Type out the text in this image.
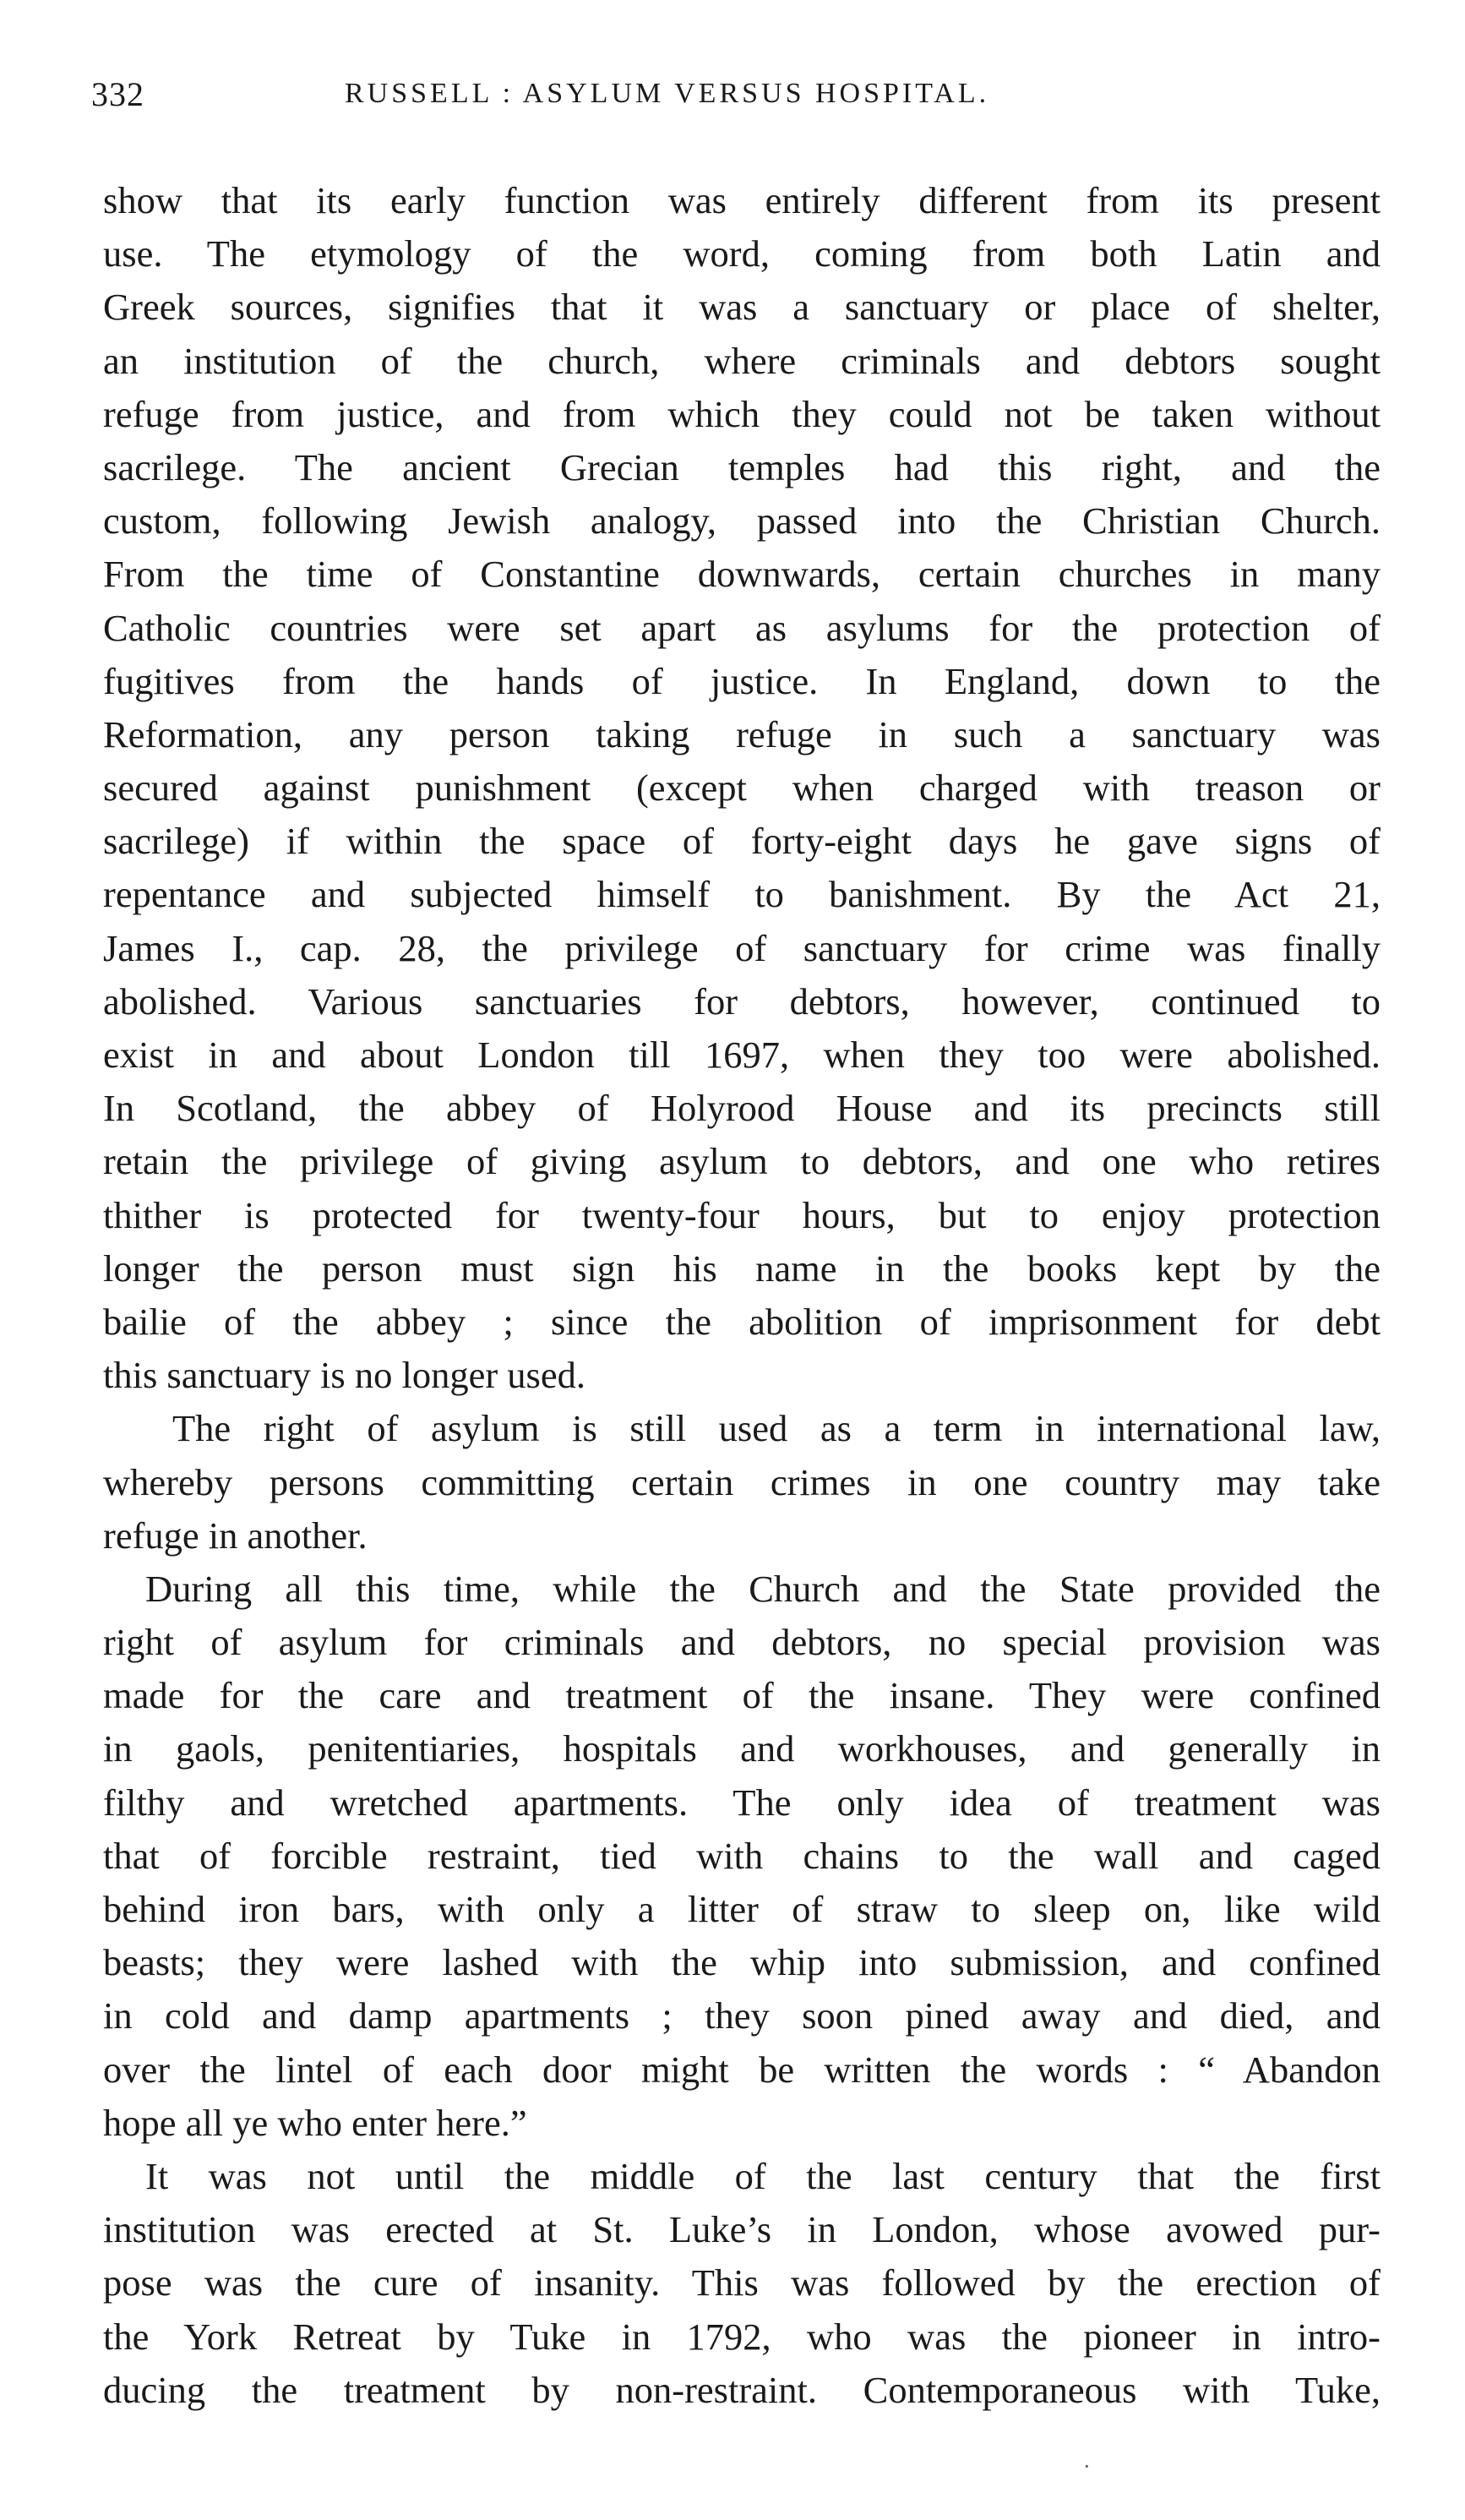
332	RUSSELL : ASYLUM VERSUS HOSPITAL.
show that its early function was entirely different from its present
use. The etymology of the word, coming from both Latin and
Greek sources, signifies that it was a sanctuary or place of shelter,
an institution of the church, where criminals and debtors sought
refuge from justice, and from which they could not be taken without
sacrilege. The ancient Grecian temples had this right, and the
custom, following Jewish analogy, passed into the Christian Church.
From the time of Constantine downwards, certain churches in many
Catholic countries were set apart as asylums for the protection of
fugitives from the hands of justice. In England, down to the
Reformation, any person taking refuge in such a sanctuary was
secured against punishment (except when charged with treason or
sacrilege) if within the space of forty-eight days he gave signs of
repentance and subjected himself to banishment. By the Act 21,
James I., cap. 28, the privilege of sanctuary for crime was finally
abolished. Various sanctuaries for debtors, however, continued to
exist in and about London till 1697, when they too were abolished.
In Scotland, the abbey of Holyrood House and its precincts still
retain the privilege of giving asylum to debtors, and one who retires
thither is protected for twenty-four hours, but to enjoy protection
longer the person must sign his name in the books kept by the
bailie of the abbey ; since the abolition of imprisonment for debt
this sanctuary is no longer used.
The right of asylum is still used as a term in international law,
whereby persons committing certain crimes in one country may take
refuge in another.
During all this time, while the Church and the State provided the
right of asylum for criminals and debtors, no special provision was
made for the care and treatment of the insane. They were confined
in gaols, penitentiaries, hospitals and workhouses, and generally in
filthy and wretched apartments. The only idea of treatment was
that of forcible restraint, tied with chains to the wall and caged
behind iron bars, with only a litter of straw to sleep on, like wild
beasts; they were lashed with the whip into submission, and confined
in cold and damp apartments ; they soon pined away and died, and
over the lintel of each door might be written the words : “ Abandon
hope all ye who enter here.”
It was not until the middle of the last century that the first
institution was erected at St. Luke’s in London, whose avowed pur-
pose was the cure of insanity. This was followed by the erection of
the York Retreat by Tuke in 1792, who was the pioneer in intro-
ducing the treatment by non-restraint. Contemporaneous with Tuke,
·
